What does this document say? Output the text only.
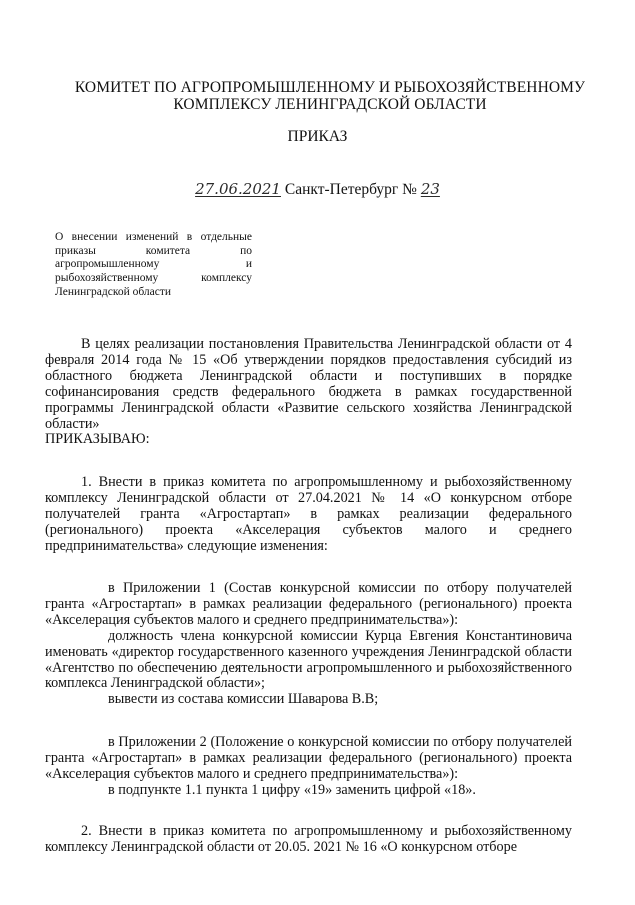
КОМИТЕТ ПО АГРОПРОМЫШЛЕННОМУ И РЫБОХОЗЯЙСТВЕННОМУ
КОМПЛЕКСУ ЛЕНИНГРАДСКОЙ ОБЛАСТИ
ПРИКАЗ
27.06.2021 Санкт-Петербург № 23
О внесении изменений в отдельные
приказы комитета по
агропромышленному и
рыбохозяйственному комплексу
Ленинградской области

В целях реализации постановления Правительства Ленинградской области от 4 февраля 2014 года № 15 «Об утверждении порядков предоставления субсидий из областного бюджета Ленинградской области и поступивших в порядке софинансирования средств федерального бюджета в рамках государственной программы Ленинградской области «Развитие сельского хозяйства Ленинградской области»

ПРИКАЗЫВАЮ:

1. Внести в приказ комитета по агропромышленному и рыбохозяйственному комплексу Ленинградской области от 27.04.2021 № 14 «О конкурсном отборе получателей гранта «Агростартап» в рамках реализации федерального (регионального) проекта «Акселерация субъектов малого и среднего предпринимательства» следующие изменения:

в Приложении 1 (Состав конкурсной комиссии по отбору получателей гранта «Агростартап» в рамках реализации федерального (регионального) проекта «Акселерация субъектов малого и среднего предпринимательства»):

должность члена конкурсной комиссии Курца Евгения Константиновича именовать «директор государственного казенного учреждения Ленинградской области «Агентство по обеспечению деятельности агропромышленного и рыбохозяйственного комплекса Ленинградской области»;

вывести из состава комиссии Шаварова В.В;

в Приложении 2 (Положение о конкурсной комиссии по отбору получателей гранта «Агростартап» в рамках реализации федерального (регионального) проекта «Акселерация субъектов малого и среднего предпринимательства»):

в подпункте 1.1 пункта 1 цифру «19» заменить цифрой «18».

2. Внести в приказ комитета по агропромышленному и рыбохозяйственному комплексу Ленинградской области от 20.05. 2021 № 16 «О конкурсном отборе
